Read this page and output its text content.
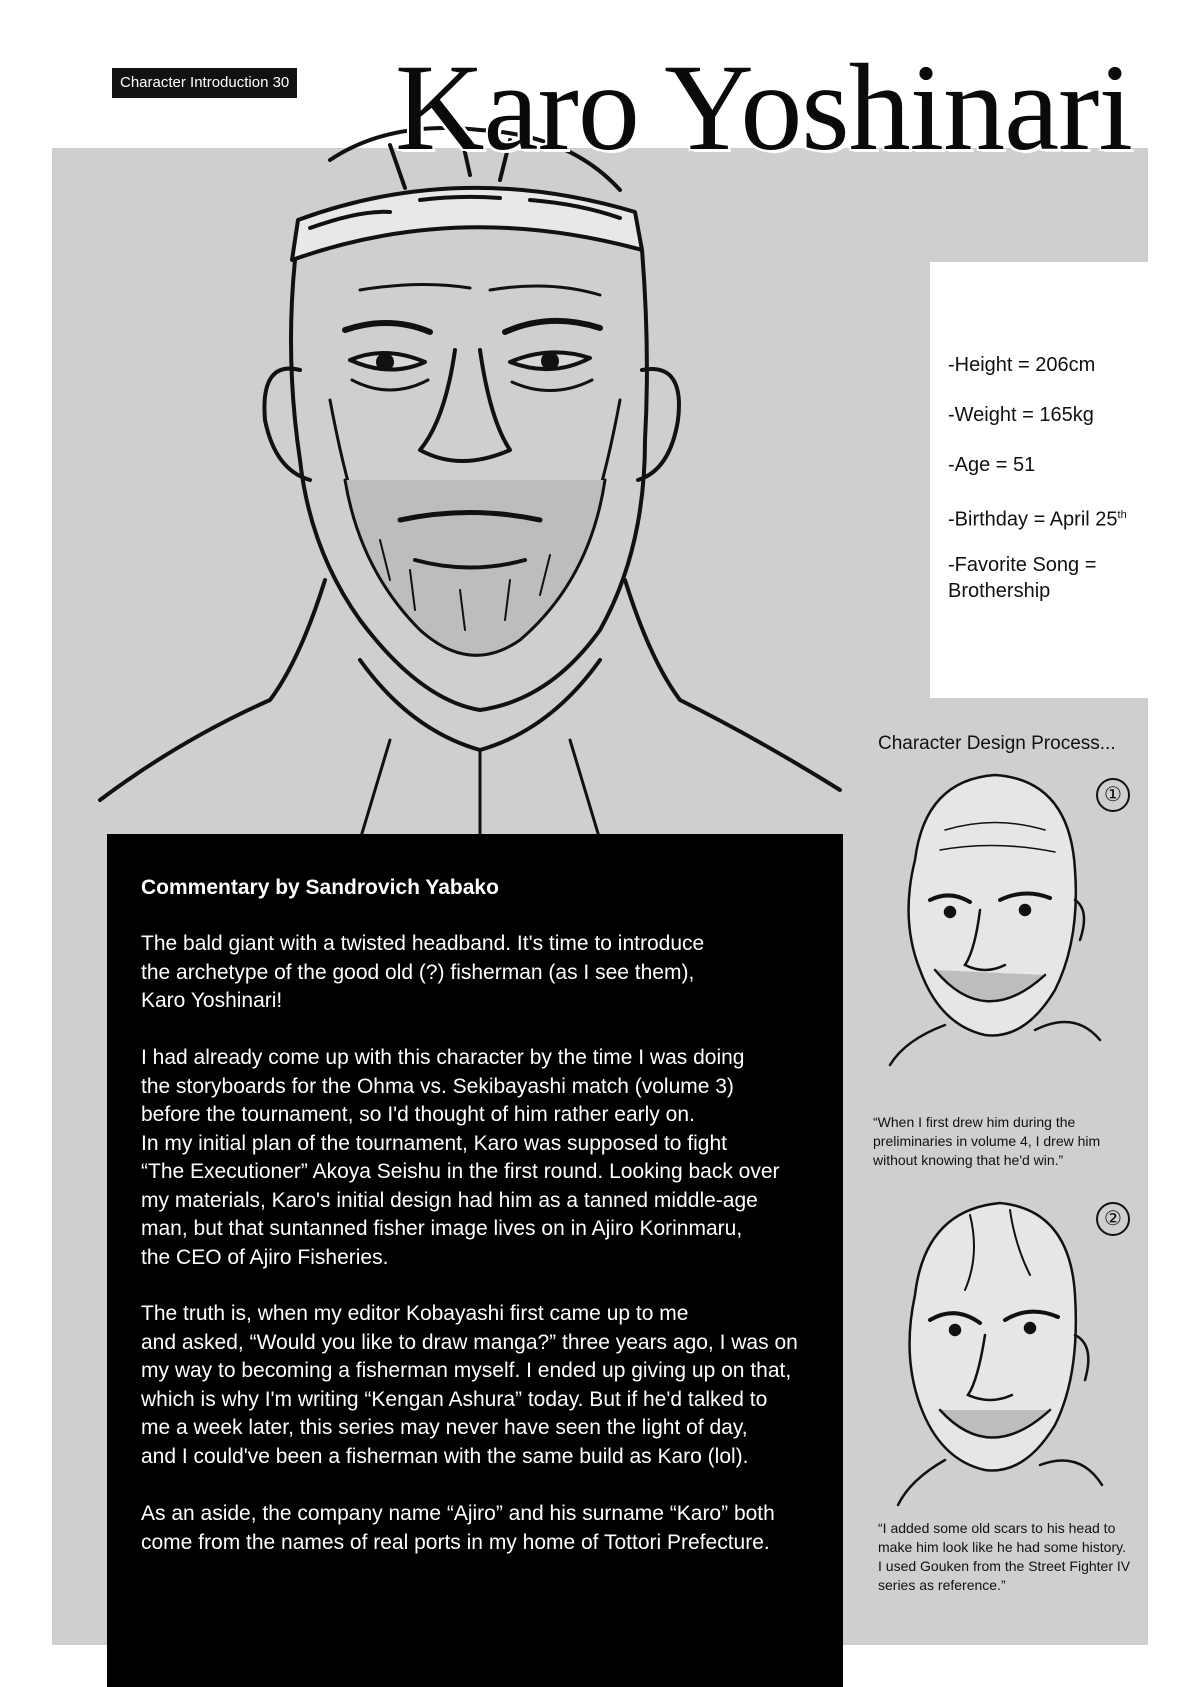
Character Introduction 30 Karo Yoshinari
-Height = 206cm
-Weight = 165kg
-Age = 51
-Birthday = April 25th
-Favorite Song =
Brothership
Character Design Process...
①
“When I first drew him during the
preliminaries in volume 4, I drew him
without knowing that he'd win.”
②
“I added some old scars to his head to
make him look like he had some history.
I used Gouken from the Street Fighter IV
series as reference.”
Commentary by Sandrovich Yabako
The bald giant with a twisted headband. It's time to introduce
the archetype of the good old (?) fisherman (as I see them),
Karo Yoshinari!
I had already come up with this character by the time I was doing
the storyboards for the Ohma vs. Sekibayashi match (volume 3)
before the tournament, so I'd thought of him rather early on.
In my initial plan of the tournament, Karo was supposed to fight
“The Executioner” Akoya Seishu in the first round. Looking back over
my materials, Karo's initial design had him as a tanned middle-age
man, but that suntanned fisher image lives on in Ajiro Korinmaru,
the CEO of Ajiro Fisheries.
The truth is, when my editor Kobayashi first came up to me
and asked, “Would you like to draw manga?” three years ago, I was on
my way to becoming a fisherman myself. I ended up giving up on that,
which is why I'm writing “Kengan Ashura” today. But if he'd talked to
me a week later, this series may never have seen the light of day,
and I could've been a fisherman with the same build as Karo (lol).
As an aside, the company name “Ajiro” and his surname “Karo” both
come from the names of real ports in my home of Tottori Prefecture.
